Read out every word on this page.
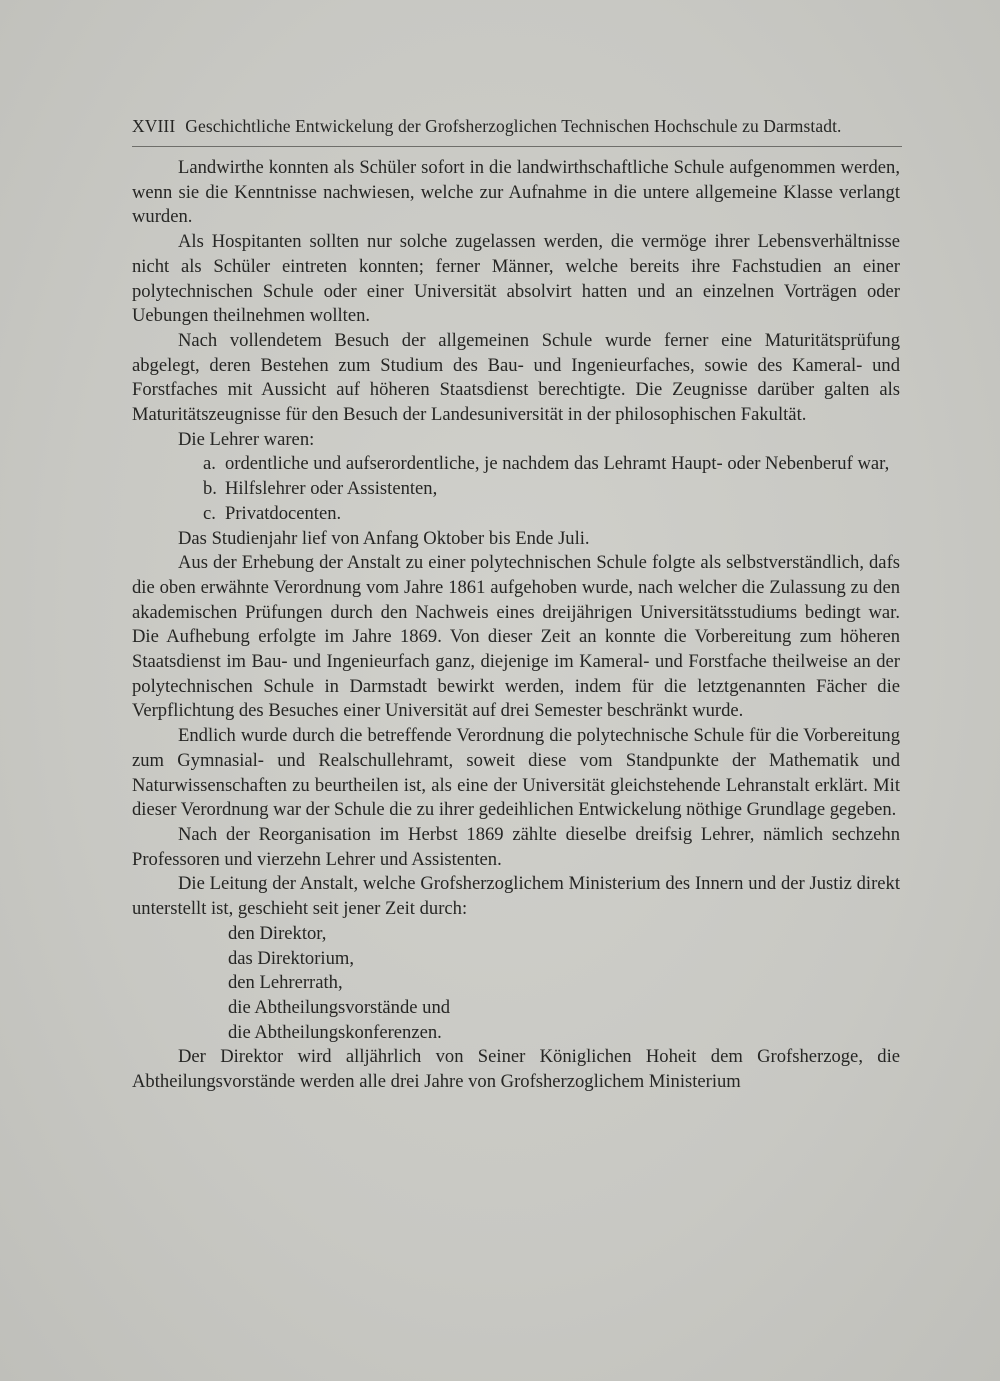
XVIII Geschichtliche Entwickelung der Grofsherzoglichen Technischen Hochschule zu Darmstadt.

Landwirthe konnten als Schüler sofort in die landwirthschaftliche Schule aufgenommen werden, wenn sie die Kenntnisse nachwiesen, welche zur Aufnahme in die untere allgemeine Klasse verlangt wurden.

Als Hospitanten sollten nur solche zugelassen werden, die vermöge ihrer Lebensverhältnisse nicht als Schüler eintreten konnten; ferner Männer, welche bereits ihre Fachstudien an einer polytechnischen Schule oder einer Universität absolvirt hatten und an einzelnen Vorträgen oder Uebungen theilnehmen wollten.

Nach vollendetem Besuch der allgemeinen Schule wurde ferner eine Maturitätsprüfung abgelegt, deren Bestehen zum Studium des Bau- und Ingenieurfaches, sowie des Kameral- und Forstfaches mit Aussicht auf höheren Staatsdienst berechtigte. Die Zeugnisse darüber galten als Maturitätszeugnisse für den Besuch der Landesuniversität in der philosophischen Fakultät.

Die Lehrer waren:

a. ordentliche und aufserordentliche, je nachdem das Lehramt Haupt- oder Nebenberuf war,
b. Hilfslehrer oder Assistenten,
c. Privatdocenten.

Das Studienjahr lief von Anfang Oktober bis Ende Juli.

Aus der Erhebung der Anstalt zu einer polytechnischen Schule folgte als selbstverständlich, dafs die oben erwähnte Verordnung vom Jahre 1861 aufgehoben wurde, nach welcher die Zulassung zu den akademischen Prüfungen durch den Nachweis eines dreijährigen Universitätsstudiums bedingt war. Die Aufhebung erfolgte im Jahre 1869. Von dieser Zeit an konnte die Vorbereitung zum höheren Staatsdienst im Bau- und Ingenieurfach ganz, diejenige im Kameral- und Forstfache theilweise an der polytechnischen Schule in Darmstadt bewirkt werden, indem für die letztgenannten Fächer die Verpflichtung des Besuches einer Universität auf drei Semester beschränkt wurde.

Endlich wurde durch die betreffende Verordnung die polytechnische Schule für die Vorbereitung zum Gymnasial- und Realschullehramt, soweit diese vom Standpunkte der Mathematik und Naturwissenschaften zu beurtheilen ist, als eine der Universität gleichstehende Lehranstalt erklärt. Mit dieser Verordnung war der Schule die zu ihrer gedeihlichen Entwickelung nöthige Grundlage gegeben.

Nach der Reorganisation im Herbst 1869 zählte dieselbe dreifsig Lehrer, nämlich sechzehn Professoren und vierzehn Lehrer und Assistenten.

Die Leitung der Anstalt, welche Grofsherzoglichem Ministerium des Innern und der Justiz direkt unterstellt ist, geschieht seit jener Zeit durch:

den Direktor,
das Direktorium,
den Lehrerrath,
die Abtheilungsvorstände und
die Abtheilungskonferenzen.

Der Direktor wird alljährlich von Seiner Königlichen Hoheit dem Grofsherzoge, die Abtheilungsvorstände werden alle drei Jahre von Grofsherzoglichem Ministerium
